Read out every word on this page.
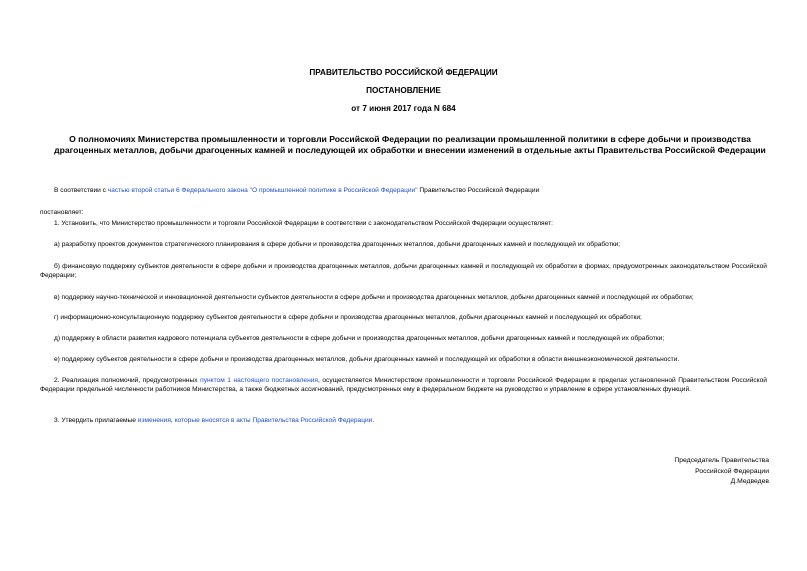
ПРАВИТЕЛЬСТВО РОССИЙСКОЙ ФЕДЕРАЦИИ
ПОСТАНОВЛЕНИЕ
от 7 июня 2017 года N 684
О полномочиях Министерства промышленности и торговли Российской Федерации по реализации промышленной политики в сфере добычи и производства драгоценных металлов, добычи драгоценных камней и последующей их обработки и внесении изменений в отдельные акты Правительства Российской Федерации

В соответствии с частью второй статьи 6 Федерального закона "О промышленной политике в Российской Федерации" Правительство Российской Федерации

постановляет:

1. Установить, что Министерство промышленности и торговли Российской Федерации в соответствии с законодательством Российской Федерации осуществляет:

а) разработку проектов документов стратегического планирования в сфере добычи и производства драгоценных металлов, добычи драгоценных камней и последующей их обработки;

б) финансовую поддержку субъектов деятельности в сфере добычи и производства драгоценных металлов, добычи драгоценных камней и последующей их обработки в формах, предусмотренных законодательством Российской Федерации;

в) поддержку научно-технической и инновационной деятельности субъектов деятельности в сфере добычи и производства драгоценных металлов, добычи драгоценных камней и последующей их обработки;

г) информационно-консультационную поддержку субъектов деятельности в сфере добычи и производства драгоценных металлов, добычи драгоценных камней и последующей их обработки;

д) поддержку в области развития кадрового потенциала субъектов деятельности в сфере добычи и производства драгоценных металлов, добычи драгоценных камней и последующей их обработки;

е) поддержку субъектов деятельности в сфере добычи и производства драгоценных металлов, добычи драгоценных камней и последующей их обработки в области внешнеэкономической деятельности.

2. Реализация полномочий, предусмотренных пунктом 1 настоящего постановления, осуществляется Министерством промышленности и торговли Российской Федерации в пределах установленной Правительством Российской Федерации предельной численности работников Министерства, а также бюджетных ассигнований, предусмотренных ему в федеральном бюджете на руководство и управление в сфере установленных функций.

3. Утвердить прилагаемые изменения, которые вносятся в акты Правительства Российской Федерации.

Председатель Правительства
Российской Федерации
Д.Медведев
